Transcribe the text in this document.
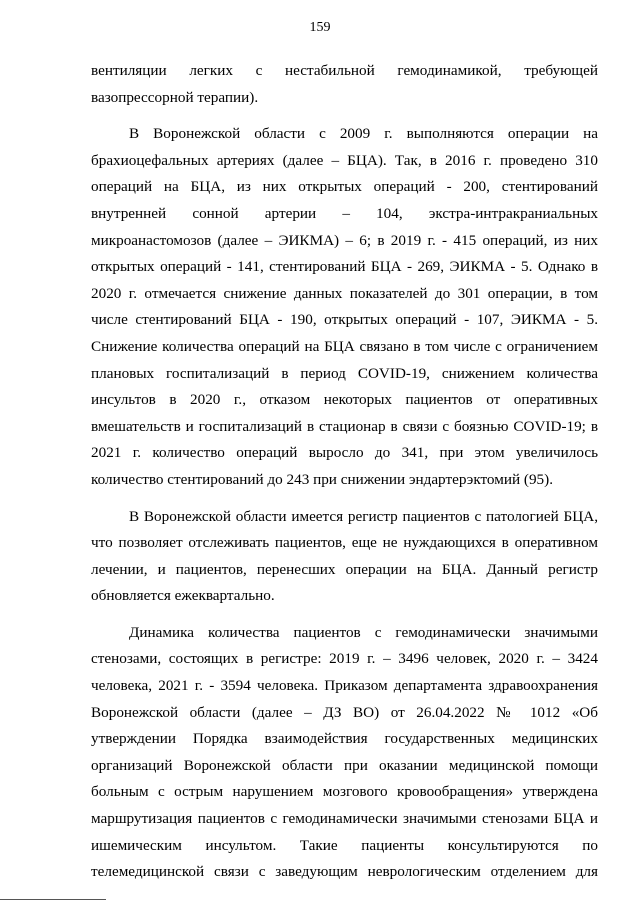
159
вентиляции легких с нестабильной гемодинамикой, требующей
вазопрессорной терапии).
В Воронежской области с 2009 г. выполняются операции на
брахиоцефальных артериях (далее – БЦА). Так, в 2016 г. проведено 310
операций на БЦА, из них открытых операций - 200, стентирований
внутренней сонной артерии – 104, экстра-интракраниальных
микроанастомозов (далее – ЭИКМА) – 6; в 2019 г. - 415 операций, из них
открытых операций - 141, стентирований БЦА - 269, ЭИКМА - 5. Однако в
2020 г. отмечается снижение данных показателей до 301 операции, в том
числе стентирований БЦА - 190, открытых операций - 107, ЭИКМА - 5.
Снижение количества операций на БЦА связано в том числе с ограничением
плановых госпитализаций в период COVID-19, снижением количества
инсультов в 2020 г., отказом некоторых пациентов от оперативных
вмешательств и госпитализаций в стационар в связи с боязнью COVID-19; в
2021 г. количество операций выросло до 341, при этом увеличилось
количество стентирований до 243 при снижении эндартерэктомий (95).
В Воронежской области имеется регистр пациентов с патологией БЦА,
что позволяет отслеживать пациентов, еще не нуждающихся в оперативном
лечении, и пациентов, перенесших операции на БЦА. Данный регистр
обновляется ежеквартально.
Динамика количества пациентов с гемодинамически значимыми
стенозами, состоящих в регистре: 2019 г. – 3496 человек, 2020 г. – 3424
человека, 2021 г. - 3594 человека. Приказом департамента здравоохранения
Воронежской области (далее – ДЗ ВО) от 26.04.2022 № 1012 «Об
утверждении Порядка взаимодействия государственных медицинских
организаций Воронежской области при оказании медицинской помощи
больным с острым нарушением мозгового кровообращения» утверждена
маршрутизация пациентов с гемодинамически значимыми стенозами БЦА и
ишемическим инсультом. Такие пациенты консультируются по
телемедицинской связи с заведующим неврологическим отделением для
